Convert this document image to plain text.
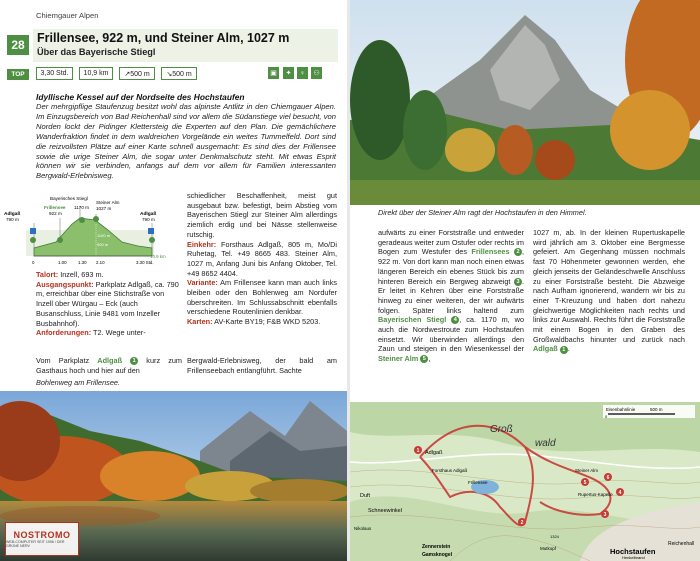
Chiemgauer Alpen
28 Frillensee, 922 m, und Steiner Alm, 1027 m
Über das Bayerische Stiegl
TOP	3,30 Std.	10,9 km	↗500 m	↘500 m	▣	✦	♀	⚇
Idyllische Kessel auf der Nordseite des Hochstaufen
Der mehrgipflige Staufenzug besitzt wohl das alpinste Antlitz in den Chiemgauer Alpen. Im Einzugsbereich von Bad Reichenhall sind vor allem die Südanstiege viel besucht, von Norden lockt der Pidinger Klettersteig die Experten auf den Plan. Die gemächlichere Wanderfraktion findet in dem waldreichen Vorgelände ein weites Tummelfeld. Dort sind die reizvollsten Plätze auf einer Karte schnell ausgemacht: Es sind dies der Frillensee sowie die urige Steiner Alm, die sogar unter Denkmalschutz steht. Mit etwas Esprit können wir sie verbinden, anfangs auf dem vor allem für Familien interessanten Bergwald-Erlebnisweg.
1100 m
900 m
Adlgaß
790 m
Bayerisches Stiegl
Frillensee
922 m
1170 m
Steiner Alm
1027 m
Adlgaß
790 m
0	1.00	1.30 2.10	3.30 Std.
10.9 km
schiedlicher Beschaffenheit, meist gut ausgebaut bzw. befestigt, beim Abstieg vom Bayerischen Stiegl zur Steiner Alm allerdings ziemlich erdig und bei Nässe stellenweise rutschig.
Einkehr: Forsthaus Adlgaß, 805 m, Mo/Di Ruhetag, Tel. +49 8665 483. Steiner Alm, 1027 m, Anfang Juni bis Anfang Oktober, Tel. +49 8652 4404.
Variante: Am Frillensee kann man auch links bleiben oder den Bohlenweg am Nordufer überschreiten. Im Schlussabschnitt ebenfalls verschiedene Routenlinien denkbar.
Karten: AV-Karte BY19; F&B WKD 5203.
Talort: Inzell, 693 m.
Ausgangspunkt: Parkplatz Adlgaß, ca. 790 m, erreichbar über eine Stichstraße von Inzell über Würgau – Eck (auch Busanschluss, Linie 9481 vom Inzeller Busbahnhof).
Anforderungen: T2. Wege unter-
Vom Parkplatz Adlgaß 1 kurz zum Gasthaus hoch und hier auf den
Bergwald-Erlebnisweg, der bald am Frillenseebach entlangführt. Sachte
Bohlenweg am Frillensee.
NOSTROMO
WEB-COMPUTER SEIT 1996 / DER GRÜNE NERV
Direkt über der Steiner Alm ragt der Hochstaufen in den Himmel.
aufwärts zu einer Forststraße und entweder geradeaus weiter zum Ostufer oder rechts im Bogen zum Westufer des Frillensees 2 , 922 m. Von dort kann man noch einen etwas längeren Bereich ein ebenes Stück bis zum hinteren Bereich ein Bergweg abzweigt 3 . Er leitet in Kehren über eine Forststraße hinweg zu einer weiteren, der wir aufwärts folgen. Später links haltend zum Bayerischen Stiegl 4 , ca. 1170 m, wo auch die Nordwestroute zum Hochstaufen einsetzt. Wir überwinden allerdings den Zaun und steigen in den Wiesenkessel der Steiner Alm 5 ,
1027 m, ab. In der kleinen Rupertuskapelle wird jährlich am 3. Oktober eine Bergmesse gefeiert. Am Gegenhang müssen nochmals fast 70 Höhenmeter gewonnen werden, ehe gleich jenseits der Geländeschwelle Anschluss zu einer Forststraße besteht. Die Abzweige nach Aufham ignorierend, wandern wir bis zu einer T-Kreuzung und haben dort nahezu gleichwertige Möglichkeiten nach rechts und links zur Auswahl. Rechts führt die Forststraße mit einem Bogen in den Graben des Großwaldbachs hinunter und zurück nach Adlgaß 1 .
Eisenbahnlinie	500 m
0
Groß
wald
Adlgaß
Forsthaus Adlgaß
Duft
Schneewinkel
Nikolaus
Frillensee
Steiner Alm
Rupertus-Kapelle
Hochstaufen
Reichenhall
Zennerstein
Gamsknogel
Mutkopf
Henkelbrand
1324
1
2
3
4
5
6
